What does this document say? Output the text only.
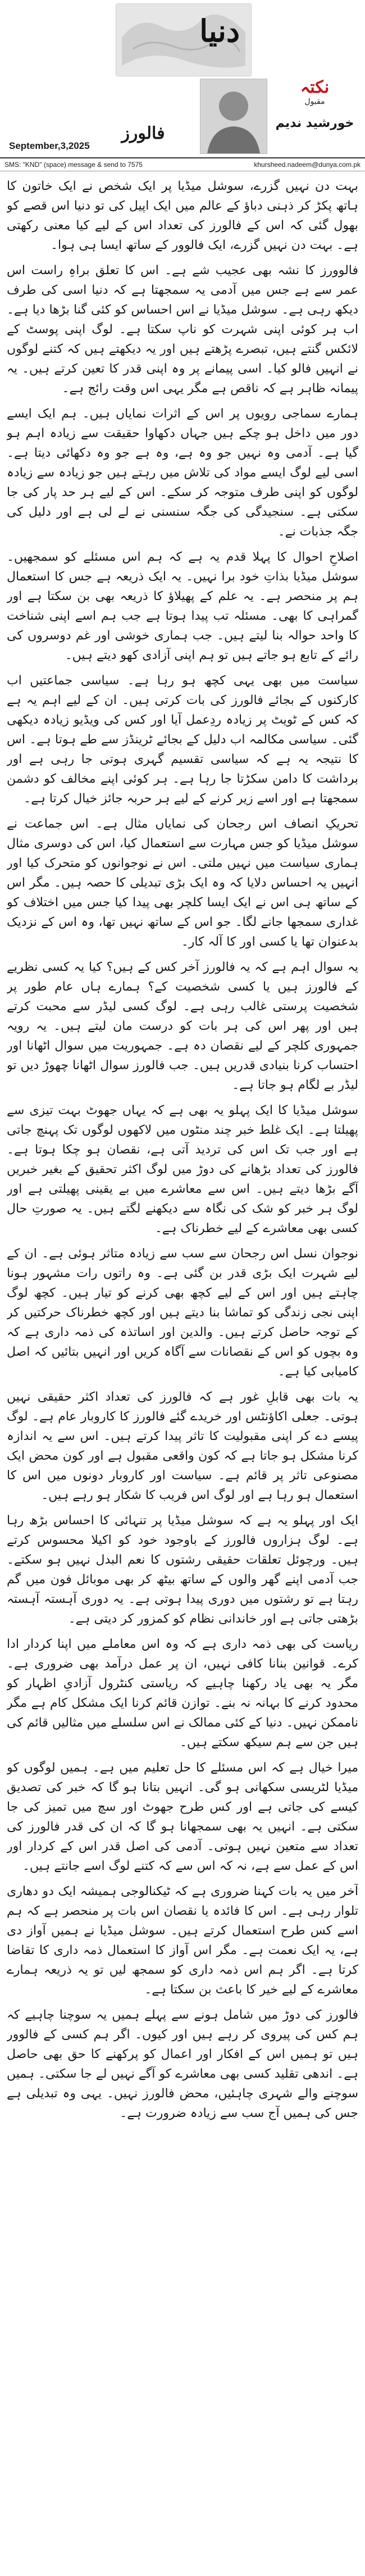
دنیا
نکتہ
مقبول
خورشید ندیم
فالورز
September,3,2025
SMS: "KND" (space) message & send to 7575	khursheed.nadeem@dunya.com.pk

بہت دن نہیں گزرے، سوشل میڈیا پر ایک شخص نے ایک خاتون کا ہاتھ پکڑ کر ذہنی دباؤ کے عالم میں ایک اپیل کی تو دنیا اس قصے کو بھول گئی کہ اس کے فالورز کی تعداد اس کے لیے کیا معنی رکھتی ہے۔ بہت دن نہیں گزرے، ایک فالوور کے ساتھ ایسا ہی ہوا۔

فالوورز کا نشہ بھی عجیب شے ہے۔ اس کا تعلق براہِ راست اس عمر سے ہے جس میں آدمی یہ سمجھتا ہے کہ دنیا اسی کی طرف دیکھ رہی ہے۔ سوشل میڈیا نے اس احساس کو کئی گنا بڑھا دیا ہے۔ اب ہر کوئی اپنی شہرت کو ناپ سکتا ہے۔ لوگ اپنی پوسٹ کے لائکس گنتے ہیں، تبصرے پڑھتے ہیں اور یہ دیکھتے ہیں کہ کتنے لوگوں نے انہیں فالو کیا۔ اسی پیمانے پر وہ اپنی قدر کا تعین کرتے ہیں۔ یہ پیمانہ ظاہر ہے کہ ناقص ہے مگر یہی اس وقت رائج ہے۔

ہمارے سماجی رویوں پر اس کے اثرات نمایاں ہیں۔ ہم ایک ایسے دور میں داخل ہو چکے ہیں جہاں دکھاوا حقیقت سے زیادہ اہم ہو گیا ہے۔ آدمی وہ نہیں جو وہ ہے، وہ ہے جو وہ دکھائی دیتا ہے۔ اسی لیے لوگ ایسے مواد کی تلاش میں رہتے ہیں جو زیادہ سے زیادہ لوگوں کو اپنی طرف متوجہ کر سکے۔ اس کے لیے ہر حد پار کی جا سکتی ہے۔ سنجیدگی کی جگہ سنسنی نے لے لی ہے اور دلیل کی جگہ جذبات نے۔

اصلاحِ احوال کا پہلا قدم یہ ہے کہ ہم اس مسئلے کو سمجھیں۔ سوشل میڈیا بذاتِ خود برا نہیں۔ یہ ایک ذریعہ ہے جس کا استعمال ہم پر منحصر ہے۔ یہ علم کے پھیلاؤ کا ذریعہ بھی بن سکتا ہے اور گمراہی کا بھی۔ مسئلہ تب پیدا ہوتا ہے جب ہم اسے اپنی شناخت کا واحد حوالہ بنا لیتے ہیں۔ جب ہماری خوشی اور غم دوسروں کی رائے کے تابع ہو جاتے ہیں تو ہم اپنی آزادی کھو دیتے ہیں۔

سیاست میں بھی یہی کچھ ہو رہا ہے۔ سیاسی جماعتیں اب کارکنوں کے بجائے فالورز کی بات کرتی ہیں۔ ان کے لیے اہم یہ ہے کہ کس کے ٹویٹ پر زیادہ ردِعمل آیا اور کس کی ویڈیو زیادہ دیکھی گئی۔ سیاسی مکالمہ اب دلیل کے بجائے ٹرینڈز سے طے ہوتا ہے۔ اس کا نتیجہ یہ ہے کہ سیاسی تقسیم گہری ہوتی جا رہی ہے اور برداشت کا دامن سکڑتا جا رہا ہے۔ ہر کوئی اپنے مخالف کو دشمن سمجھتا ہے اور اسے زیر کرنے کے لیے ہر حربہ جائز خیال کرتا ہے۔

تحریکِ انصاف اس رجحان کی نمایاں مثال ہے۔ اس جماعت نے سوشل میڈیا کو جس مہارت سے استعمال کیا، اس کی دوسری مثال ہماری سیاست میں نہیں ملتی۔ اس نے نوجوانوں کو متحرک کیا اور انہیں یہ احساس دلایا کہ وہ ایک بڑی تبدیلی کا حصہ ہیں۔ مگر اس کے ساتھ ہی اس نے ایک ایسا کلچر بھی پیدا کیا جس میں اختلاف کو غداری سمجھا جانے لگا۔ جو اس کے ساتھ نہیں تھا، وہ اس کے نزدیک بدعنوان تھا یا کسی اور کا آلہ کار۔

یہ سوال اہم ہے کہ یہ فالورز آخر کس کے ہیں؟ کیا یہ کسی نظریے کے فالورز ہیں یا کسی شخصیت کے؟ ہمارے ہاں عام طور پر شخصیت پرستی غالب رہی ہے۔ لوگ کسی لیڈر سے محبت کرتے ہیں اور پھر اس کی ہر بات کو درست مان لیتے ہیں۔ یہ رویہ جمہوری کلچر کے لیے نقصان دہ ہے۔ جمہوریت میں سوال اٹھانا اور احتساب کرنا بنیادی قدریں ہیں۔ جب فالورز سوال اٹھانا چھوڑ دیں تو لیڈر بے لگام ہو جاتا ہے۔

سوشل میڈیا کا ایک پہلو یہ بھی ہے کہ یہاں جھوٹ بہت تیزی سے پھیلتا ہے۔ ایک غلط خبر چند منٹوں میں لاکھوں لوگوں تک پہنچ جاتی ہے اور جب تک اس کی تردید آتی ہے، نقصان ہو چکا ہوتا ہے۔ فالورز کی تعداد بڑھانے کی دوڑ میں لوگ اکثر تحقیق کے بغیر خبریں آگے بڑھا دیتے ہیں۔ اس سے معاشرے میں بے یقینی پھیلتی ہے اور لوگ ہر خبر کو شک کی نگاہ سے دیکھنے لگتے ہیں۔ یہ صورتِ حال کسی بھی معاشرے کے لیے خطرناک ہے۔

نوجوان نسل اس رجحان سے سب سے زیادہ متاثر ہوئی ہے۔ ان کے لیے شہرت ایک بڑی قدر بن گئی ہے۔ وہ راتوں رات مشہور ہونا چاہتے ہیں اور اس کے لیے کچھ بھی کرنے کو تیار ہیں۔ کچھ لوگ اپنی نجی زندگی کو تماشا بنا دیتے ہیں اور کچھ خطرناک حرکتیں کر کے توجہ حاصل کرتے ہیں۔ والدین اور اساتذہ کی ذمہ داری ہے کہ وہ بچوں کو اس کے نقصانات سے آگاہ کریں اور انہیں بتائیں کہ اصل کامیابی کیا ہے۔

یہ بات بھی قابلِ غور ہے کہ فالورز کی تعداد اکثر حقیقی نہیں ہوتی۔ جعلی اکاؤنٹس اور خریدے گئے فالورز کا کاروبار عام ہے۔ لوگ پیسے دے کر اپنی مقبولیت کا تاثر پیدا کرتے ہیں۔ اس سے یہ اندازہ کرنا مشکل ہو جاتا ہے کہ کون واقعی مقبول ہے اور کون محض ایک مصنوعی تاثر پر قائم ہے۔ سیاست اور کاروبار دونوں میں اس کا استعمال ہو رہا ہے اور لوگ اس فریب کا شکار ہو رہے ہیں۔

ایک اور پہلو یہ ہے کہ سوشل میڈیا پر تنہائی کا احساس بڑھ رہا ہے۔ لوگ ہزاروں فالورز کے باوجود خود کو اکیلا محسوس کرتے ہیں۔ ورچوئل تعلقات حقیقی رشتوں کا نعم البدل نہیں ہو سکتے۔ جب آدمی اپنے گھر والوں کے ساتھ بیٹھ کر بھی موبائل فون میں گم رہتا ہے تو رشتوں میں دوری پیدا ہوتی ہے۔ یہ دوری آہستہ آہستہ بڑھتی جاتی ہے اور خاندانی نظام کو کمزور کر دیتی ہے۔

ریاست کی بھی ذمہ داری ہے کہ وہ اس معاملے میں اپنا کردار ادا کرے۔ قوانین بنانا کافی نہیں، ان پر عمل درآمد بھی ضروری ہے۔ مگر یہ بھی یاد رکھنا چاہیے کہ ریاستی کنٹرول آزادیِ اظہار کو محدود کرنے کا بہانہ نہ بنے۔ توازن قائم کرنا ایک مشکل کام ہے مگر ناممکن نہیں۔ دنیا کے کئی ممالک نے اس سلسلے میں مثالیں قائم کی ہیں جن سے ہم سیکھ سکتے ہیں۔

میرا خیال ہے کہ اس مسئلے کا حل تعلیم میں ہے۔ ہمیں لوگوں کو میڈیا لٹریسی سکھانی ہو گی۔ انہیں بتانا ہو گا کہ خبر کی تصدیق کیسے کی جاتی ہے اور کس طرح جھوٹ اور سچ میں تمیز کی جا سکتی ہے۔ انہیں یہ بھی سمجھانا ہو گا کہ ان کی قدر فالورز کی تعداد سے متعین نہیں ہوتی۔ آدمی کی اصل قدر اس کے کردار اور اس کے عمل سے ہے، نہ کہ اس سے کہ کتنے لوگ اسے جانتے ہیں۔

آخر میں یہ بات کہنا ضروری ہے کہ ٹیکنالوجی ہمیشہ ایک دو دھاری تلوار رہی ہے۔ اس کا فائدہ یا نقصان اس بات پر منحصر ہے کہ ہم اسے کس طرح استعمال کرتے ہیں۔ سوشل میڈیا نے ہمیں آواز دی ہے، یہ ایک نعمت ہے۔ مگر اس آواز کا استعمال ذمہ داری کا تقاضا کرتا ہے۔ اگر ہم اس ذمہ داری کو سمجھ لیں تو یہ ذریعہ ہمارے معاشرے کے لیے خیر کا باعث بن سکتا ہے۔

فالورز کی دوڑ میں شامل ہونے سے پہلے ہمیں یہ سوچنا چاہیے کہ ہم کس کی پیروی کر رہے ہیں اور کیوں۔ اگر ہم کسی کے فالوور ہیں تو ہمیں اس کے افکار اور اعمال کو پرکھنے کا حق بھی حاصل ہے۔ اندھی تقلید کسی بھی معاشرے کو آگے نہیں لے جا سکتی۔ ہمیں سوچنے والے شہری چاہئیں، محض فالورز نہیں۔ یہی وہ تبدیلی ہے جس کی ہمیں آج سب سے زیادہ ضرورت ہے۔
